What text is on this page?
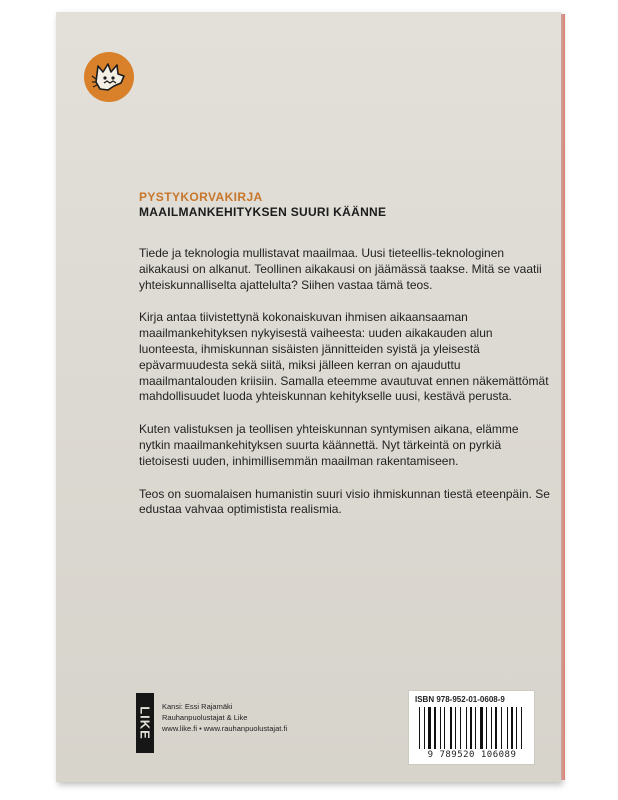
PYSTYKORVAKIRJA
MAAILMANKEHITYKSEN SUURI KÄÄNNE

Tiede ja teknologia mullistavat maailmaa. Uusi tieteellis-teknologinen aikakausi on alkanut. Teollinen aikakausi on jäämässä taakse. Mitä se vaatii yhteiskunnalliselta ajattelulta? Siihen vastaa tämä teos.

Kirja antaa tiivistettynä kokonaiskuvan ihmisen aikaansaaman maailmankehityksen nykyisestä vaiheesta: uuden aikakauden alun luonteesta, ihmiskunnan sisäisten jännitteiden syistä ja yleisestä epävarmuudesta sekä siitä, miksi jälleen kerran on ajauduttu maailmantalouden kriisiin. Samalla eteemme avautuvat ennen näkemättömät mahdollisuudet luoda yhteiskunnan kehitykselle uusi, kestävä perusta.

Kuten valistuksen ja teollisen yhteiskunnan syntymisen aikana, elämme nytkin maailmankehityksen suurta käännettä. Nyt tärkeintä on pyrkiä tietoisesti uuden, inhimillisemmän maailman rakentamiseen.

Teos on suomalaisen humanistin suuri visio ihmiskunnan tiestä eteenpäin. Se edustaa vahvaa optimistista realismia.

LIKE Kansi: Essi Rajamäki
Rauhanpuolustajat & Like
www.like.fi • www.rauhanpuolustajat.fi
ISBN 978-952-01-0608-9
9 789520 106089
